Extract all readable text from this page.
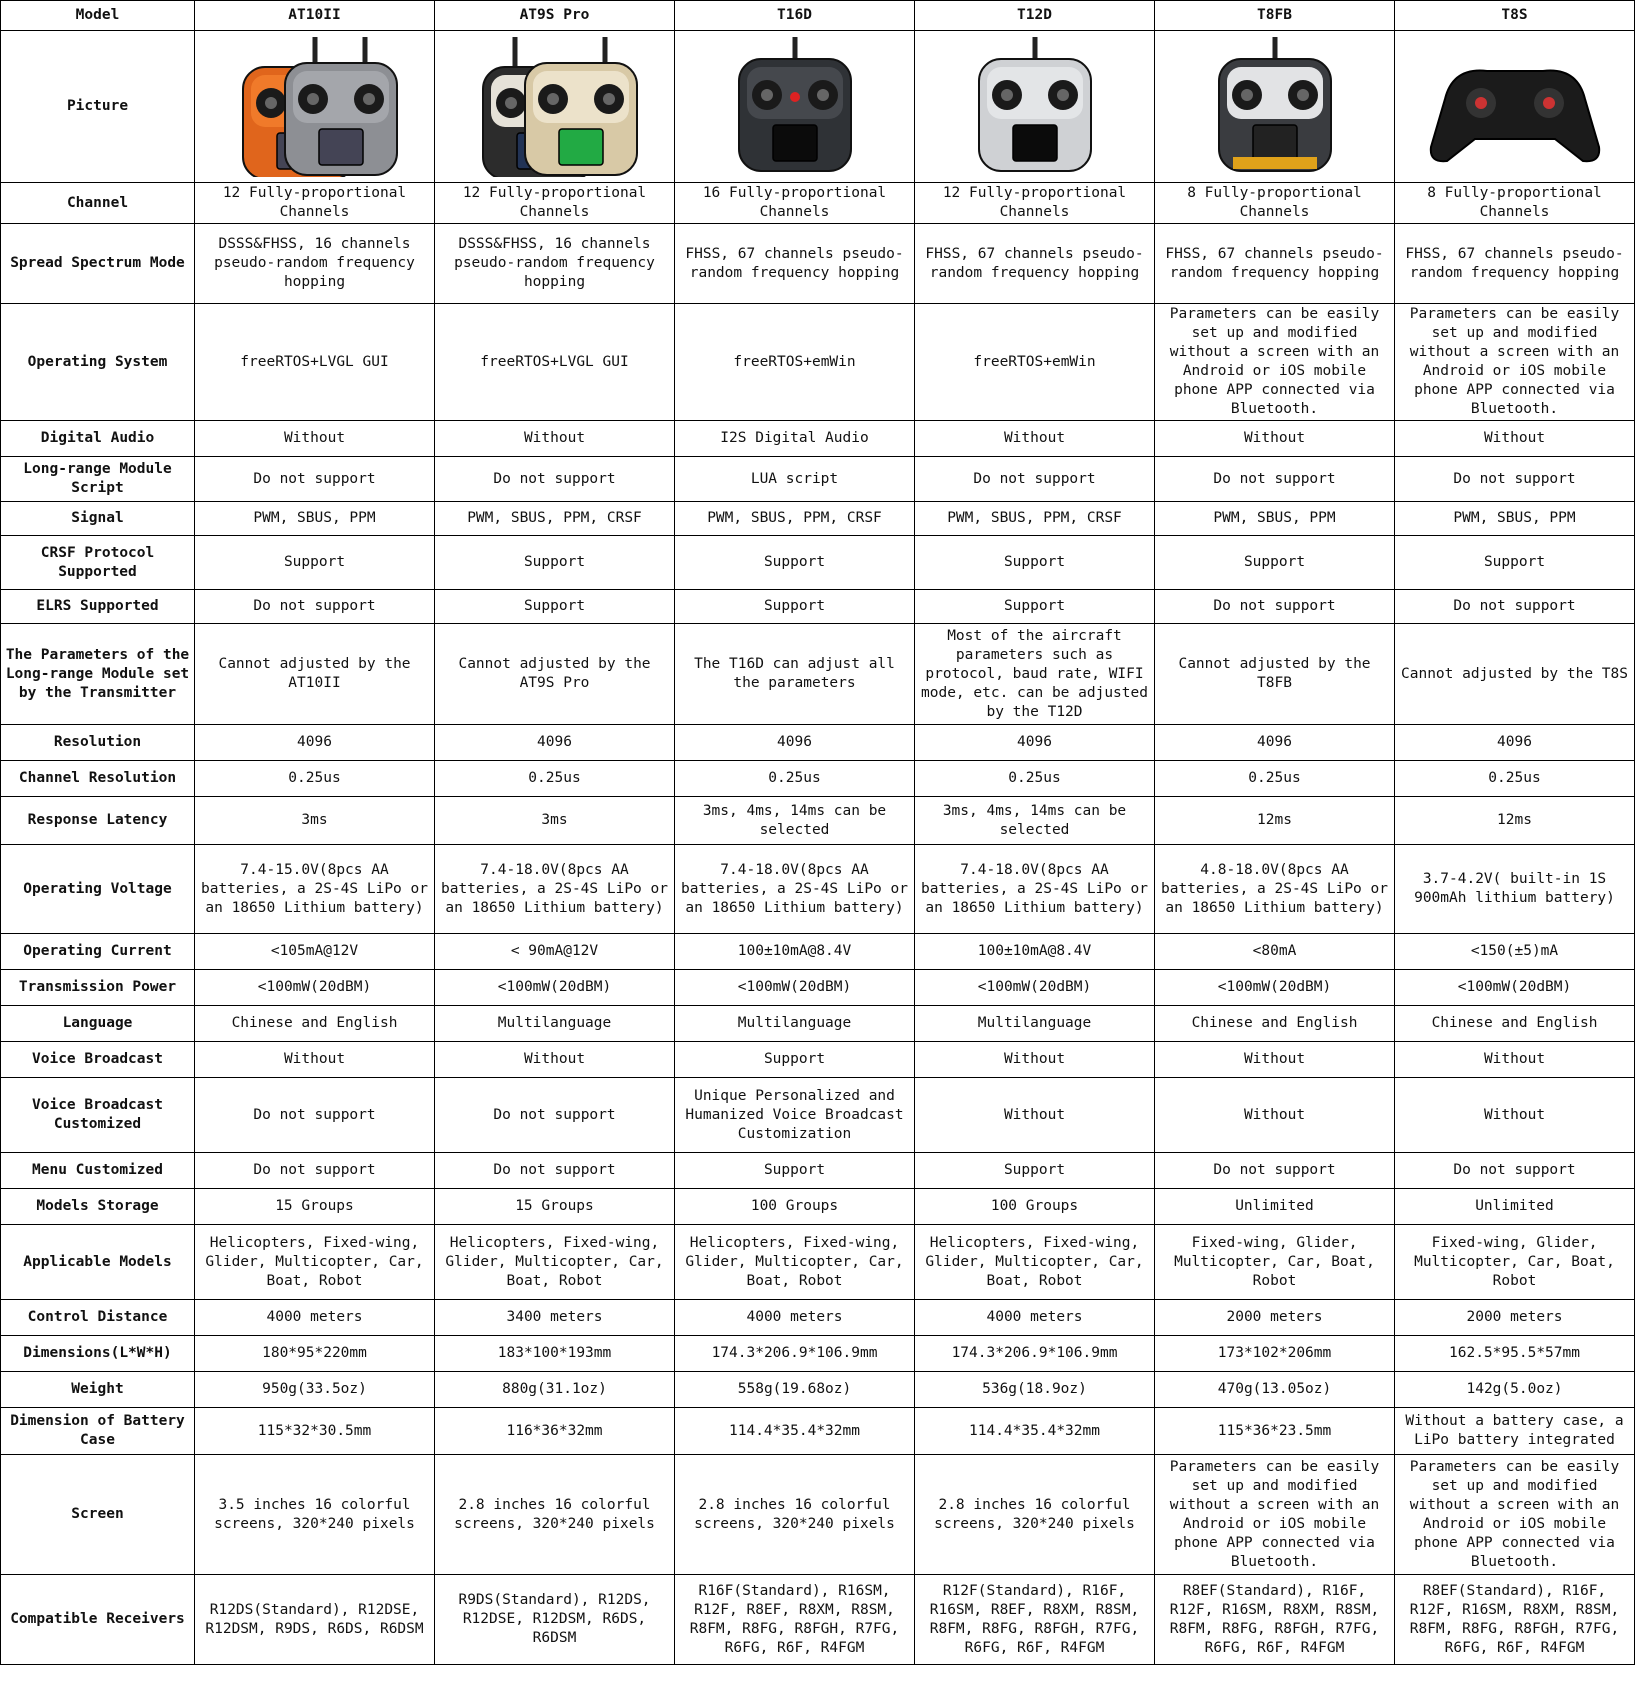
Model	AT10II	AT9S Pro	T16D	T12D	T8FB	T8S
Picture	

Channel	12 Fully-proportional Channels	12 Fully-proportional Channels	16 Fully-proportional Channels	12 Fully-proportional Channels	8 Fully-proportional Channels	8 Fully-proportional Channels
Spread Spectrum Mode	DSSS&FHSS, 16 channels pseudo-random frequency hopping	DSSS&FHSS, 16 channels pseudo-random frequency hopping	FHSS, 67 channels pseudo-random frequency hopping	FHSS, 67 channels pseudo-random frequency hopping	FHSS, 67 channels pseudo-random frequency hopping	FHSS, 67 channels pseudo-random frequency hopping
Operating System	freeRTOS+LVGL GUI	freeRTOS+LVGL GUI	freeRTOS+emWin	freeRTOS+emWin	Parameters can be easily set up and modified without a screen with an Android or iOS mobile phone APP connected via Bluetooth.	Parameters can be easily set up and modified without a screen with an Android or iOS mobile phone APP connected via Bluetooth.
Digital Audio	Without	Without	I2S Digital Audio	Without	Without	Without
Long-range Module Script	Do not support	Do not support	LUA script	Do not support	Do not support	Do not support
Signal	PWM, SBUS, PPM	PWM, SBUS, PPM, CRSF	PWM, SBUS, PPM, CRSF	PWM, SBUS, PPM, CRSF	PWM, SBUS, PPM	PWM, SBUS, PPM
CRSF Protocol Supported	Support	Support	Support	Support	Support	Support
ELRS Supported	Do not support	Support	Support	Support	Do not support	Do not support
The Parameters of the Long-range Module set by the Transmitter	Cannot adjusted by the AT10II	Cannot adjusted by the AT9S Pro	The T16D can adjust all the parameters	Most of the aircraft parameters such as protocol, baud rate, WIFI mode, etc. can be adjusted by the T12D	Cannot adjusted by the T8FB	Cannot adjusted by the T8S
Resolution	4096	4096	4096	4096	4096	4096
Channel Resolution	0.25us	0.25us	0.25us	0.25us	0.25us	0.25us
Response Latency	3ms	3ms	3ms, 4ms, 14ms can be selected	3ms, 4ms, 14ms can be selected	12ms	12ms
Operating Voltage	7.4-15.0V(8pcs AA batteries, a 2S-4S LiPo or an 18650 Lithium battery)	7.4-18.0V(8pcs AA batteries, a 2S-4S LiPo or an 18650 Lithium battery)	7.4-18.0V(8pcs AA batteries, a 2S-4S LiPo or an 18650 Lithium battery)	7.4-18.0V(8pcs AA batteries, a 2S-4S LiPo or an 18650 Lithium battery)	4.8-18.0V(8pcs AA batteries, a 2S-4S LiPo or an 18650 Lithium battery)	3.7-4.2V( built-in 1S 900mAh lithium battery)
Operating Current	<105mA@12V	< 90mA@12V	100±10mA@8.4V	100±10mA@8.4V	<80mA	<150(±5)mA
Transmission Power	<100mW(20dBM)	<100mW(20dBM)	<100mW(20dBM)	<100mW(20dBM)	<100mW(20dBM)	<100mW(20dBM)
Language	Chinese and English	Multilanguage	Multilanguage	Multilanguage	Chinese and English	Chinese and English
Voice Broadcast	Without	Without	Support	Without	Without	Without
Voice Broadcast Customized	Do not support	Do not support	Unique Personalized and Humanized Voice Broadcast Customization	Without	Without	Without
Menu Customized	Do not support	Do not support	Support	Support	Do not support	Do not support
Models Storage	15 Groups	15 Groups	100 Groups	100 Groups	Unlimited	Unlimited
Applicable Models	Helicopters, Fixed-wing, Glider, Multicopter, Car, Boat, Robot	Helicopters, Fixed-wing, Glider, Multicopter, Car, Boat, Robot	Helicopters, Fixed-wing, Glider, Multicopter, Car, Boat, Robot	Helicopters, Fixed-wing, Glider, Multicopter, Car, Boat, Robot	Fixed-wing, Glider, Multicopter, Car, Boat, Robot	Fixed-wing, Glider, Multicopter, Car, Boat, Robot
Control Distance	4000 meters	3400 meters	4000 meters	4000 meters	2000 meters	2000 meters
Dimensions(L*W*H)	180*95*220mm	183*100*193mm	174.3*206.9*106.9mm	174.3*206.9*106.9mm	173*102*206mm	162.5*95.5*57mm
Weight	950g(33.5oz)	880g(31.1oz)	558g(19.68oz)	536g(18.9oz)	470g(13.05oz)	142g(5.0oz)
Dimension of Battery Case	115*32*30.5mm	116*36*32mm	114.4*35.4*32mm	114.4*35.4*32mm	115*36*23.5mm	Without a battery case, a LiPo battery integrated
Screen	3.5 inches 16 colorful screens, 320*240 pixels	2.8 inches 16 colorful screens, 320*240 pixels	2.8 inches 16 colorful screens, 320*240 pixels	2.8 inches 16 colorful screens, 320*240 pixels	Parameters can be easily set up and modified without a screen with an Android or iOS mobile phone APP connected via Bluetooth.	Parameters can be easily set up and modified without a screen with an Android or iOS mobile phone APP connected via Bluetooth.
Compatible Receivers	R12DS(Standard), R12DSE, R12DSM, R9DS, R6DS, R6DSM	R9DS(Standard), R12DS, R12DSE, R12DSM, R6DS, R6DSM	R16F(Standard), R16SM, R12F, R8EF, R8XM, R8SM, R8FM, R8FG, R8FGH, R7FG, R6FG, R6F, R4FGM	R12F(Standard), R16F, R16SM, R8EF, R8XM, R8SM, R8FM, R8FG, R8FGH, R7FG, R6FG, R6F, R4FGM	R8EF(Standard), R16F, R12F, R16SM, R8XM, R8SM, R8FM, R8FG, R8FGH, R7FG, R6FG, R6F, R4FGM	R8EF(Standard), R16F, R12F, R16SM, R8XM, R8SM, R8FM, R8FG, R8FGH, R7FG, R6FG, R6F, R4FGM
